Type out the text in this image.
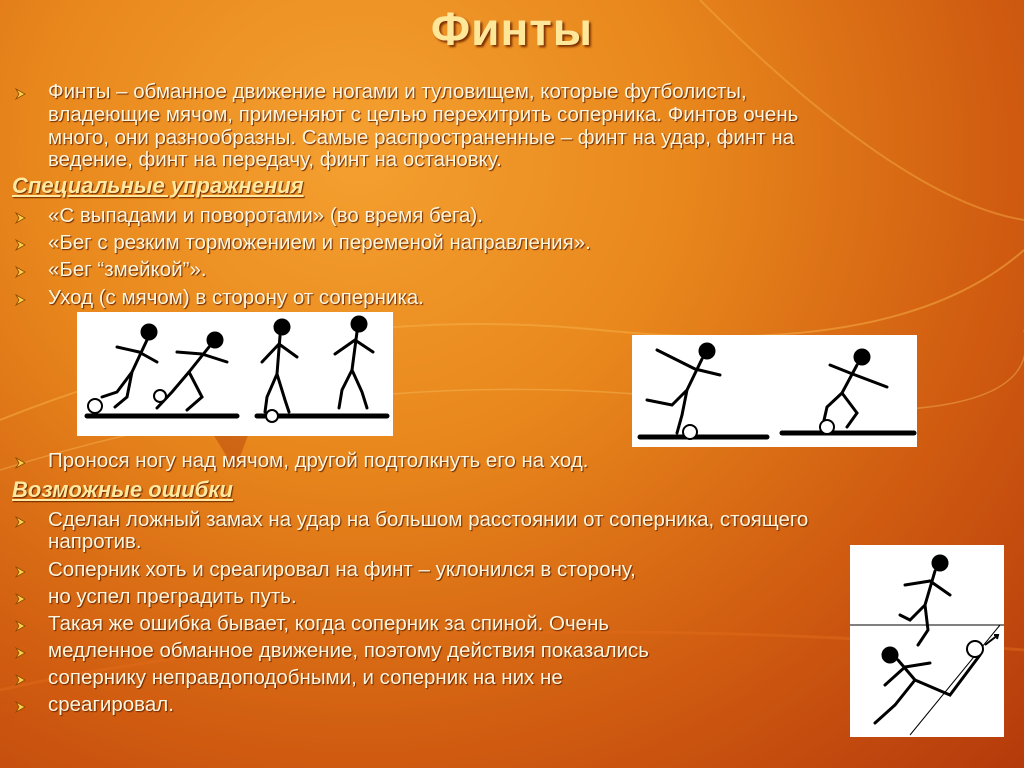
Финты
Финты – обманное движение ногами и туловищем, которые футболисты,
владеющие мячом, применяют с целью перехитрить соперника. Финтов очень
много, они разнообразны. Самые распространенные – финт на удар, финт на
ведение, финт на передачу, финт на остановку.
Специальные упражнения
«С выпадами и поворотами» (во время бега).
«Бег с резким торможением и переменой направления».
«Бег “змейкой”».
Уход (с мячом) в сторону от соперника.
Пронося ногу над мячом, другой подтолкнуть его на ход.
Возможные ошибки
Сделан ложный замах на удар на большом расстоянии от соперника, стоящего
напротив.
Соперник хоть и среагировал на финт – уклонился в сторону,
но успел преградить путь.
Такая же ошибка бывает, когда соперник за спиной. Очень
медленное обманное движение, поэтому действия показались
сопернику неправдоподобными, и соперник на них не
среагировал.
